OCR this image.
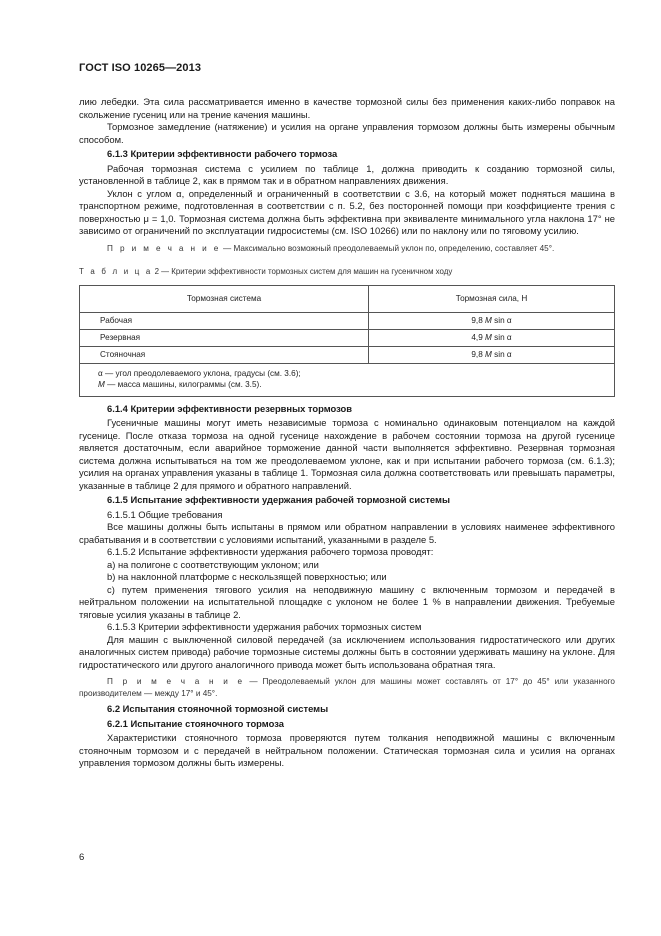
ГОСТ ISO 10265—2013

лию лебедки. Эта сила рассматривается именно в качестве тормозной силы без применения каких-либо поправок на скольжение гусениц или на трение качения машины.

Тормозное замедление (натяжение) и усилия на органе управления тормозом должны быть измерены обычным способом.

6.1.3 Критерии эффективности рабочего тормоза

Рабочая тормозная система с усилием по таблице 1, должна приводить к созданию тормозной силы, установленной в таблице 2, как в прямом так и в обратном направлениях движения.

Уклон с углом α, определенный и ограниченный в соответствии с 3.6, на который может подняться машина в транспортном режиме, подготовленная в соответствии с п. 5.2, без посторонней помощи при коэффициенте трения с поверхностью μ = 1,0. Тормозная система должна быть эффективна при эквиваленте минимального угла наклона 17° не зависимо от ограничений по эксплуатации гидросистемы (см. ISO 10266) или по наклону или по тяговому усилию.

П р и м е ч а н и е — Максимально возможный преодолеваемый уклон по, определению, составляет 45°.

Т а б л и ц а 2 — Критерии эффективности тормозных систем для машин на гусеничном ходу

Тормозная система	Тормозная сила, Н
Рабочая	9,8 M sin α
Резервная	4,9 M sin α
Стояночная	9,8 M sin α

α — угол преодолеваемого уклона, градусы (см. 3.6);
M — масса машины, килограммы (см. 3.5).	
6.1.4 Критерии эффективности резервных тормозов

Гусеничные машины могут иметь независимые тормоза с номинально одинаковым потенциалом на каждой гусенице. После отказа тормоза на одной гусенице нахождение в рабочем состоянии тормоза на другой гусенице является достаточным, если аварийное торможение данной части выполняется эффективно. Резервная тормозная система должна испытываться на том же преодолеваемом уклоне, как и при испытании рабочего тормоза (см. 6.1.3); усилия на органах управления указаны в таблице 1. Тормозная сила должна соответствовать или превышать параметры, указанные в таблице 2 для прямого и обратного направлений.

6.1.5 Испытание эффективности удержания рабочей тормозной системы

6.1.5.1 Общие требования

Все машины должны быть испытаны в прямом или обратном направлении в условиях наименее эффективного срабатывания и в соответствии с условиями испытаний, указанными в разделе 5.

6.1.5.2 Испытание эффективности удержания рабочего тормоза проводят:

a) на полигоне с соответствующим уклоном; или

b) на наклонной платформе с нескользящей поверхностью; или

c) путем применения тягового усилия на неподвижную машину с включенным тормозом и передачей в нейтральном положении на испытательной площадке с уклоном не более 1 % в направлении движения. Требуемые тяговые усилия указаны в таблице 2.

6.1.5.3 Критерии эффективности удержания рабочих тормозных систем

Для машин с выключенной силовой передачей (за исключением использования гидростатического или других аналогичных систем привода) рабочие тормозные системы должны быть в состоянии удерживать машину на уклоне. Для гидростатического или другого аналогичного привода может быть использована обратная тяга.

П р и м е ч а н и е — Преодолеваемый уклон для машины может составлять от 17° до 45° или указанного производителем — между 17° и 45°.

6.2 Испытания стояночной тормозной системы
6.2.1 Испытание стояночного тормоза

Характеристики стояночного тормоза проверяются путем толкания неподвижной машины с включенным стояночным тормозом и с передачей в нейтральном положении. Статическая тормозная сила и усилия на органах управления тормозом должны быть измерены.

6
